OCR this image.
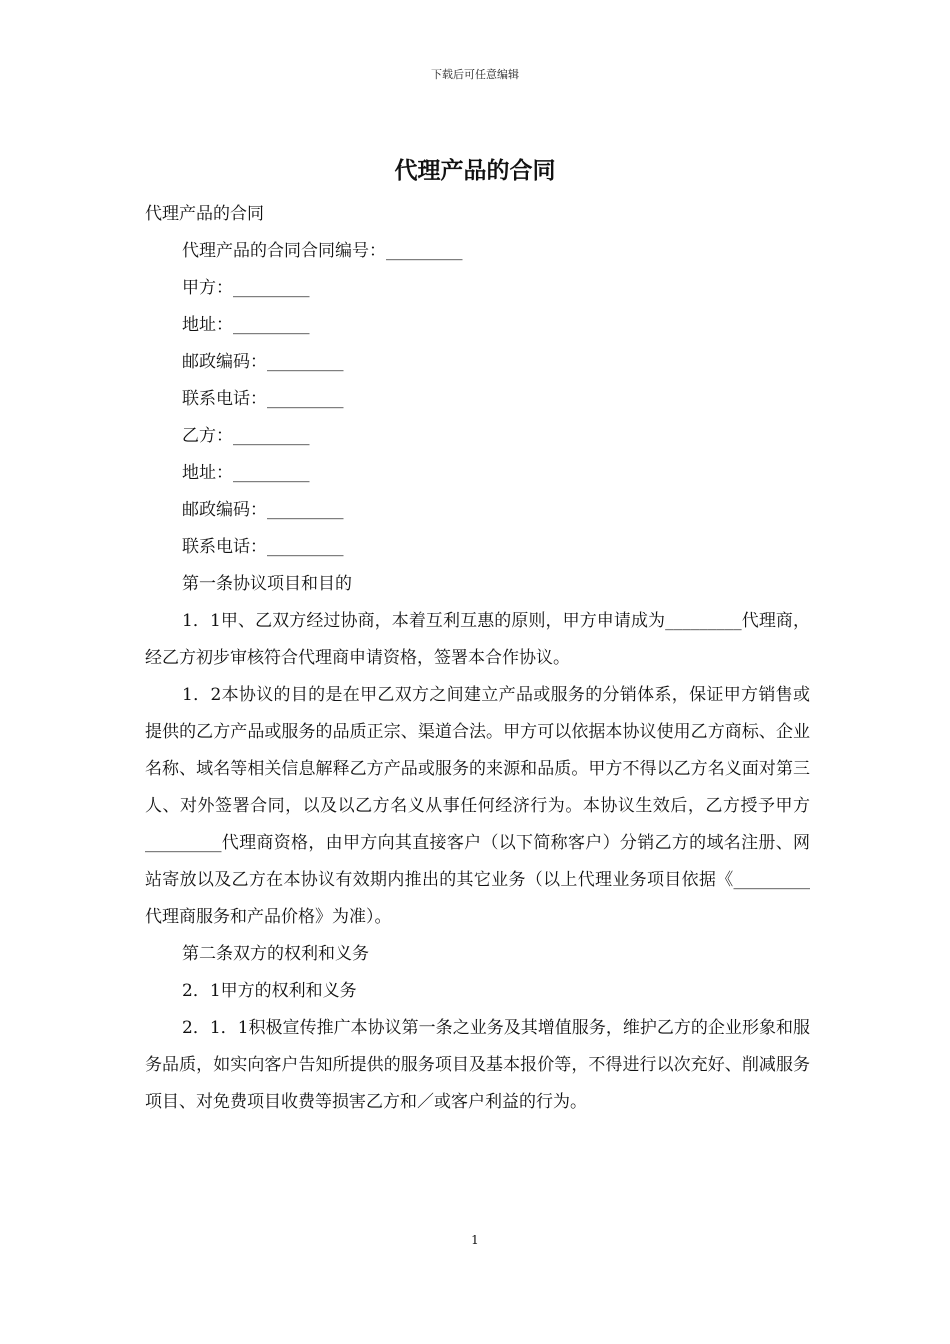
下载后可任意编辑
代理产品的合同
代理产品的合同
代理产品的合同合同编号：_________
甲方：_________
地址：_________
邮政编码：_________
联系电话：_________
乙方：_________
地址：_________
邮政编码：_________
联系电话：_________
第一条协议项目和目的
1．1甲、乙双方经过协商，本着互利互惠的原则，甲方申请成为_________代理商，经乙方初步审核符合代理商申请资格，签署本合作协议。
1．2本协议的目的是在甲乙双方之间建立产品或服务的分销体系，保证甲方销售或提供的乙方产品或服务的品质正宗、渠道合法。甲方可以依据本协议使用乙方商标、企业名称、域名等相关信息解释乙方产品或服务的来源和品质。甲方不得以乙方名义面对第三人、对外签署合同，以及以乙方名义从事任何经济行为。本协议生效后，乙方授予甲方_________代理商资格，由甲方向其直接客户（以下简称客户）分销乙方的域名注册、网站寄放以及乙方在本协议有效期内推出的其它业务（以上代理业务项目依据《_________代理商服务和产品价格》为准）。
第二条双方的权利和义务
2．1甲方的权利和义务
2．1．1积极宣传推广本协议第一条之业务及其增值服务，维护乙方的企业形象和服务品质，如实向客户告知所提供的服务项目及基本报价等，不得进行以次充好、削减服务项目、对免费项目收费等损害乙方和／或客户利益的行为。
1
